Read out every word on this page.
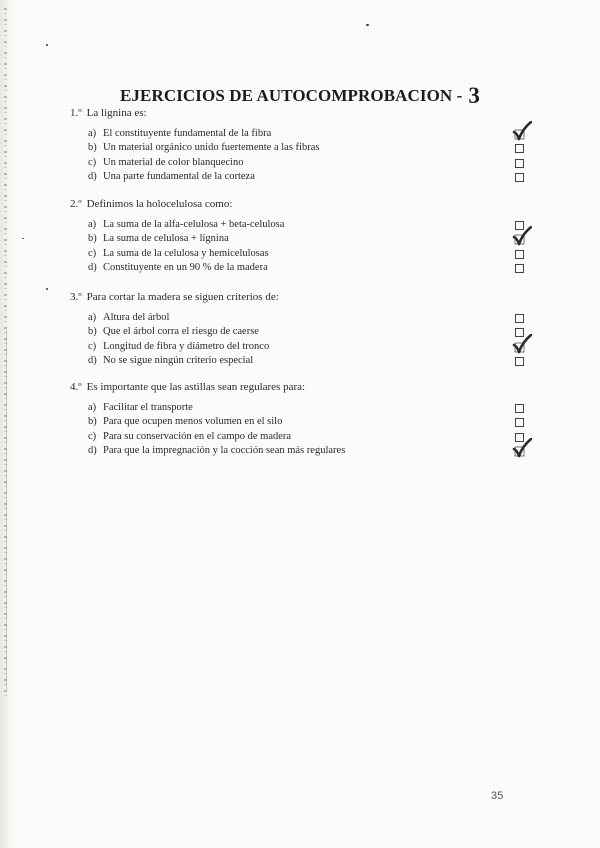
EJERCICIOS DE AUTOCOMPROBACION - 3

1.º La lignina es:

a) El constituyente fundamental de la fibra
b) Un material orgánico unido fuertemente a las fibras
c) Un material de color blanquecino
d) Una parte fundamental de la corteza

2.º Definimos la holocelulosa como:

a) La suma de la alfa-celulosa + beta-celulosa
b) La suma de celulosa + lignina
c) La suma de la celulosa y hemicelulosas
d) Constituyente en un 90 % de la madera

3.º Para cortar la madera se siguen criterios de:

a) Altura del árbol
b) Que el árbol corra el riesgo de caerse
c) Longitud de fibra y diámetro del tronco
d) No se sigue ningún criterio especial

4.º Es importante que las astillas sean regulares para:

a) Facilitar el transporte
b) Para que ocupen menos volumen en el silo
c) Para su conservación en el campo de madera
d) Para que la impregnación y la cocción sean más regulares
35
